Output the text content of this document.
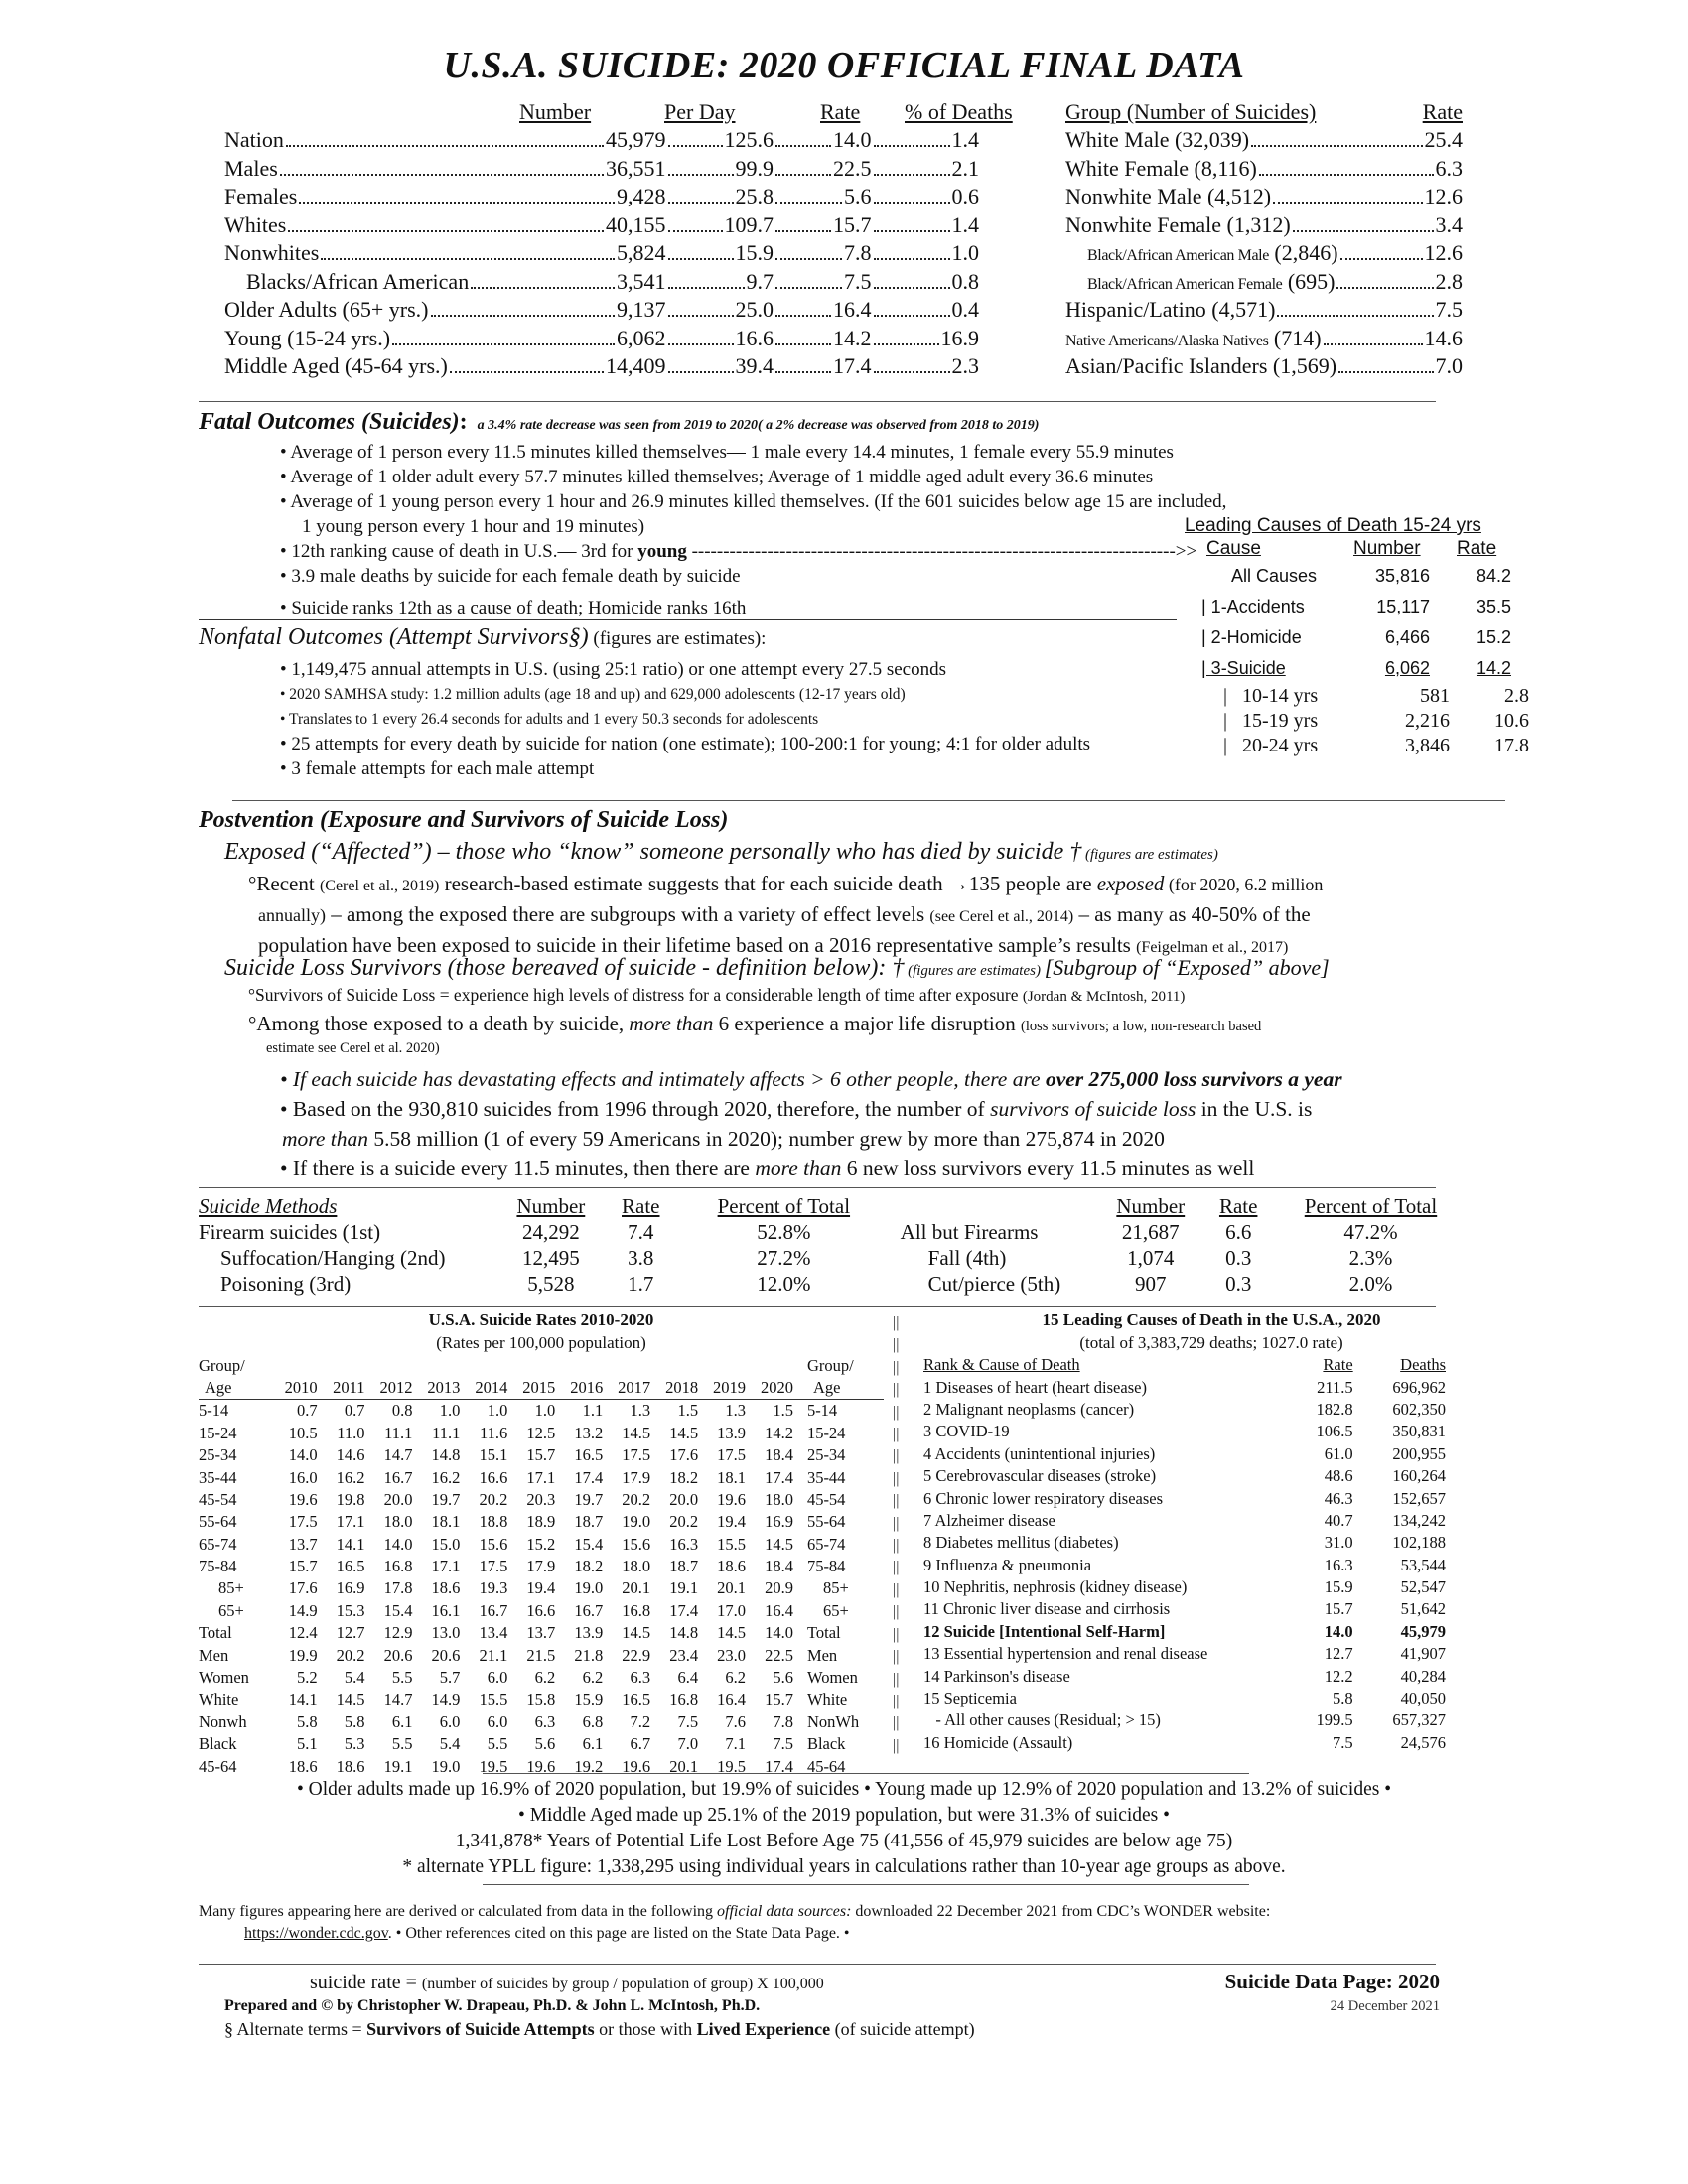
U.S.A. SUICIDE: 2020 OFFICIAL FINAL DATA
Number	Per Day	Rate % of Deaths
Nation	45,979	125.6	14.0	1.4
Males	36,551	99.9	22.5	2.1
Females	9,428	25.8	5.6	0.6
Whites	40,155	109.7	15.7	1.4
Nonwhites	5,824	15.9	7.8	1.0
Blacks/African American	3,541	9.7	7.5	0.8
Older Adults (65+ yrs.)	9,137	25.0	16.4	0.4
Young (15-24 yrs.)	6,062	16.6	14.2	16.9
Middle Aged (45-64 yrs.)	14,409	39.4	17.4	2.3
Group (Number of Suicides)	Rate
White Male (32,039)	25.4
White Female (8,116)	6.3
Nonwhite Male (4,512)	12.6
Nonwhite Female (1,312)	3.4
Black/African American Male (2,846)	12.6
Black/African American Female (695)	2.8
Hispanic/Latino (4,571)	7.5
Native Americans/Alaska Natives (714)	14.6
Asian/Pacific Islanders (1,569)	7.0
Fatal Outcomes (Suicides): a 3.4% rate decrease was seen from 2019 to 2020( a 2% decrease was observed from 2018 to 2019)
• Average of 1 person every 11.5 minutes killed themselves— 1 male every 14.4 minutes, 1 female every 55.9 minutes
• Average of 1 older adult every 57.7 minutes killed themselves; Average of 1 middle aged adult every 36.6 minutes
• Average of 1 young person every 1 hour and 26.9 minutes killed themselves. (If the 601 suicides below age 15 are included,
1 young person every 1 hour and 19 minutes)
• 12th ranking cause of death in U.S.— 3rd for young ----------------------------------------------------------------------------->>
• 3.9 male deaths by suicide for each female death by suicide
• Suicide ranks 12th as a cause of death; Homicide ranks 16th
Leading Causes of Death 15-24 yrs
Cause	Number Rate
All Causes	35,816	84.2
| 1-Accidents	15,117	35.5
| 2-Homicide	6,466	15.2
| 3-Suicide	6,062	14.2
|   10-14 yrs	581	2.8
|   15-19 yrs	2,216 10.6
|   20-24 yrs	3,846 17.8
Nonfatal Outcomes (Attempt Survivors§) (figures are estimates):
• 1,149,475 annual attempts in U.S. (using 25:1 ratio) or one attempt every 27.5 seconds
• 2020 SAMHSA study: 1.2 million adults (age 18 and up) and 629,000 adolescents (12-17 years old)
• Translates to 1 every 26.4 seconds for adults and 1 every 50.3 seconds for adolescents
• 25 attempts for every death by suicide for nation (one estimate); 100-200:1 for young; 4:1 for older adults
• 3 female attempts for each male attempt
Postvention (Exposure and Survivors of Suicide Loss)
Exposed (“Affected”) – those who “know” someone personally who has died by suicide † (figures are estimates)
°Recent (Cerel et al., 2019) research-based estimate suggests that for each suicide death →135 people are exposed (for 2020, 6.2 million
annually) – among the exposed there are subgroups with a variety of effect levels (see Cerel et al., 2014) – as many as 40-50% of the
population have been exposed to suicide in their lifetime based on a 2016 representative sample’s results (Feigelman et al., 2017)
Suicide Loss Survivors (those bereaved of suicide - definition below): † (figures are estimates) [Subgroup of “Exposed” above]
°Survivors of Suicide Loss = experience high levels of distress for a considerable length of time after exposure (Jordan & McIntosh, 2011)
°Among those exposed to a death by suicide, more than 6 experience a major life disruption (loss survivors; a low, non-research based
estimate see Cerel et al. 2020)
• If each suicide has devastating effects and intimately affects > 6 other people, there are over 275,000 loss survivors a year
• Based on the 930,810 suicides from 1996 through 2020, therefore, the number of survivors of suicide loss in the U.S. is
more than 5.58 million (1 of every 59 Americans in 2020); number grew by more than 275,874 in 2020
• If there is a suicide every 11.5 minutes, then there are more than 6 new loss survivors every 11.5 minutes as well
Suicide Methods	Number	Rate	Percent of Total		Number	Rate	Percent of Total
Firearm suicides (1st)	24,292	7.4	52.8%	All but Firearms	21,687	6.6	47.2%
Suffocation/Hanging (2nd)	12,495	3.8	27.2%	Fall (4th)	1,074	0.3	2.3%
Poisoning (3rd)	5,528	1.7	12.0%	Cut/pierce (5th)	907	0.3	2.0%
U.S.A. Suicide Rates 2010-2020
(Rates per 100,000 population)

Group/												Group/
Age	2010	2011	2012	2013	2014	2015	2016	2017	2018	2019	2020	Age
5-14	0.7	0.7	0.8	1.0	1.0	1.0	1.1	1.3	1.5	1.3	1.5	5-14
15-24	10.5	11.0	11.1	11.1	11.6	12.5	13.2	14.5	14.5	13.9	14.2	15-24
25-34	14.0	14.6	14.7	14.8	15.1	15.7	16.5	17.5	17.6	17.5	18.4	25-34
35-44	16.0	16.2	16.7	16.2	16.6	17.1	17.4	17.9	18.2	18.1	17.4	35-44
45-54	19.6	19.8	20.0	19.7	20.2	20.3	19.7	20.2	20.0	19.6	18.0	45-54
55-64	17.5	17.1	18.0	18.1	18.8	18.9	18.7	19.0	20.2	19.4	16.9	55-64
65-74	13.7	14.1	14.0	15.0	15.6	15.2	15.4	15.6	16.3	15.5	14.5	65-74
75-84	15.7	16.5	16.8	17.1	17.5	17.9	18.2	18.0	18.7	18.6	18.4	75-84
85+	17.6	16.9	17.8	18.6	19.3	19.4	19.0	20.1	19.1	20.1	20.9	85+
65+	14.9	15.3	15.4	16.1	16.7	16.6	16.7	16.8	17.4	17.0	16.4	65+
Total	12.4	12.7	12.9	13.0	13.4	13.7	13.9	14.5	14.8	14.5	14.0	Total
Men	19.9	20.2	20.6	20.6	21.1	21.5	21.8	22.9	23.4	23.0	22.5	Men
Women	5.2	5.4	5.5	5.7	6.0	6.2	6.2	6.3	6.4	6.2	5.6	Women
White	14.1	14.5	14.7	14.9	15.5	15.8	15.9	16.5	16.8	16.4	15.7	White
Nonwh	5.8	5.8	6.1	6.0	6.0	6.3	6.8	7.2	7.5	7.6	7.8	NonWh
Black	5.1	5.3	5.5	5.4	5.5	5.6	6.1	6.7	7.0	7.1	7.5	Black
45-64	18.6	18.6	19.1	19.0	19.5	19.6	19.2	19.6	20.1	19.5	17.4	45-64
||
||
||
||
||
||
||
||
||
||
||
||
||
||
||
||
||
||
||
||
15 Leading Causes of Death in the U.S.A., 2020
(total of 3,383,729 deaths; 1027.0 rate)
Rank & Cause of Death	Rate	Deaths
1 Diseases of heart (heart disease)	211.5	696,962
2 Malignant neoplasms (cancer)	182.8	602,350
3 COVID-19	106.5	350,831
4 Accidents (unintentional injuries)	61.0	200,955
5 Cerebrovascular diseases (stroke)	48.6	160,264
6 Chronic lower respiratory diseases	46.3	152,657
7 Alzheimer disease	40.7	134,242
8 Diabetes mellitus (diabetes)	31.0	102,188
9 Influenza & pneumonia	16.3	53,544
10 Nephritis, nephrosis (kidney disease)	15.9	52,547
11 Chronic liver disease and cirrhosis	15.7	51,642
12 Suicide [Intentional Self-Harm]	14.0	45,979
13 Essential hypertension and renal disease	12.7	41,907
14 Parkinson's disease	12.2	40,284
15 Septicemia	5.8	40,050
- All other causes (Residual; > 15)	199.5	657,327
16 Homicide (Assault)	7.5	24,576
• Older adults made up 16.9% of 2020 population, but 19.9% of suicides • Young made up 12.9% of 2020 population and 13.2% of suicides •
• Middle Aged made up 25.1% of the 2019 population, but were 31.3% of suicides •
1,341,878* Years of Potential Life Lost Before Age 75 (41,556 of 45,979 suicides are below age 75)
* alternate YPLL figure: 1,338,295 using individual years in calculations rather than 10-year age groups as above.
Many figures appearing here are derived or calculated from data in the following official data sources: downloaded 22 December 2021 from CDC’s WONDER website:
https://wonder.cdc.gov. • Other references cited on this page are listed on the State Data Page. •
suicide rate = (number of suicides by group / population of group) X 100,000	Suicide Data Page: 2020
Prepared and © by Christopher W. Drapeau, Ph.D. & John L. McIntosh, Ph.D.	24 December 2021
§ Alternate terms = Survivors of Suicide Attempts or those with Lived Experience (of suicide attempt)
